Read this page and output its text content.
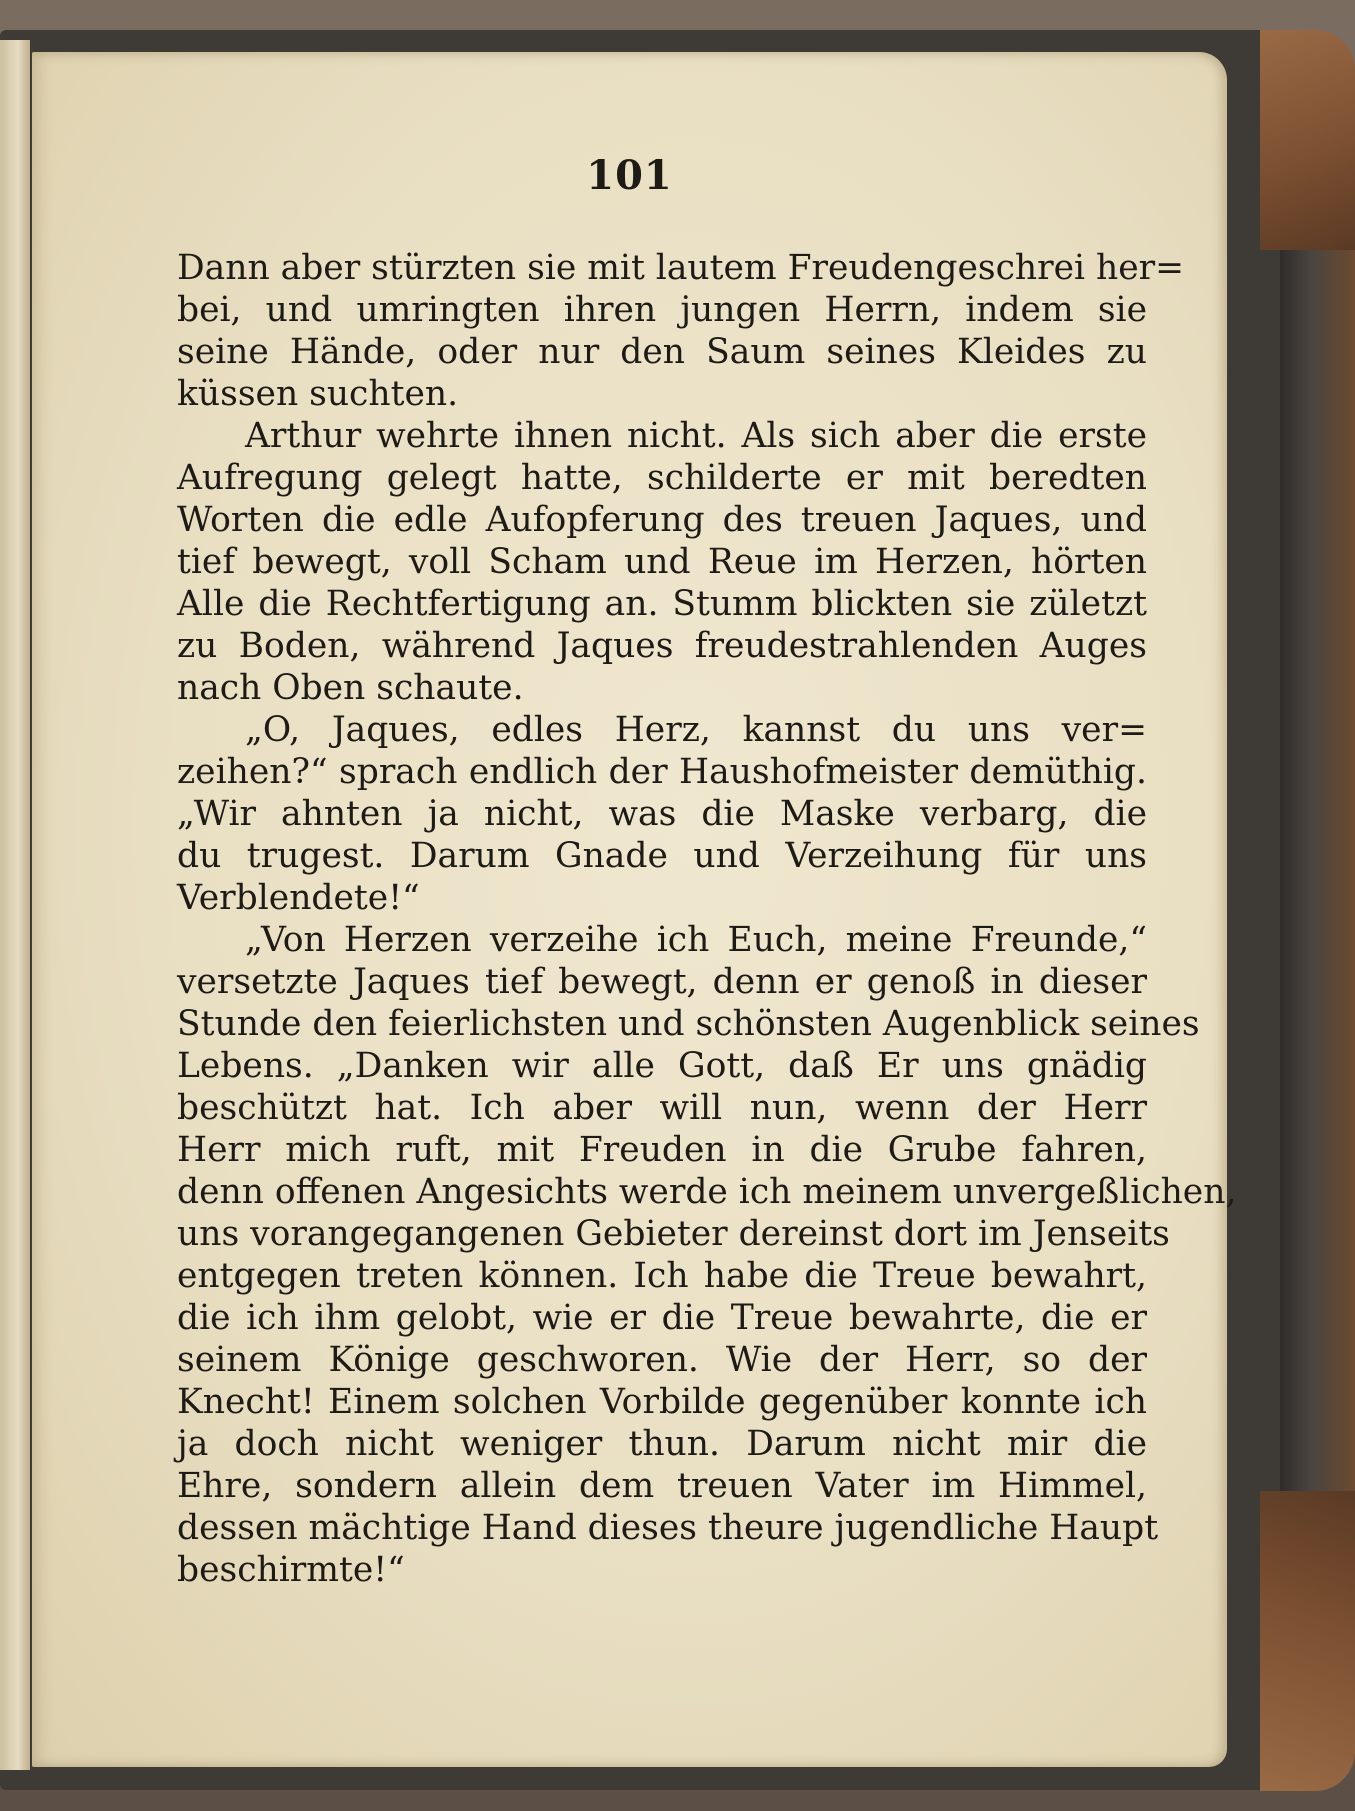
101
Dann aber stürzten sie mit lautem Freudengeschrei her=
bei, und umringten ihren jungen Herrn, indem sie
seine Hände, oder nur den Saum seines Kleides zu
küssen suchten.
Arthur wehrte ihnen nicht. Als sich aber die erste
Aufregung gelegt hatte, schilderte er mit beredten
Worten die edle Aufopferung des treuen Jaques, und
tief bewegt, voll Scham und Reue im Herzen, hörten
Alle die Rechtfertigung an. Stumm blickten sie zületzt
zu Boden, während Jaques freudestrahlenden Auges
nach Oben schaute.
„O, Jaques, edles Herz, kannst du uns ver=
zeihen?“ sprach endlich der Haushofmeister demüthig.
„Wir ahnten ja nicht, was die Maske verbarg, die
du trugest. Darum Gnade und Verzeihung für uns
Verblendete!“
„Von Herzen verzeihe ich Euch, meine Freunde,“
versetzte Jaques tief bewegt, denn er genoß in dieser
Stunde den feierlichsten und schönsten Augenblick seines
Lebens. „Danken wir alle Gott, daß Er uns gnädig
beschützt hat. Ich aber will nun, wenn der Herr
Herr mich ruft, mit Freuden in die Grube fahren,
denn offenen Angesichts werde ich meinem unvergeßlichen,
uns vorangegangenen Gebieter dereinst dort im Jenseits
entgegen treten können. Ich habe die Treue bewahrt,
die ich ihm gelobt, wie er die Treue bewahrte, die er
seinem Könige geschworen. Wie der Herr, so der
Knecht! Einem solchen Vorbilde gegenüber konnte ich
ja doch nicht weniger thun. Darum nicht mir die
Ehre, sondern allein dem treuen Vater im Himmel,
dessen mächtige Hand dieses theure jugendliche Haupt
beschirmte!“
